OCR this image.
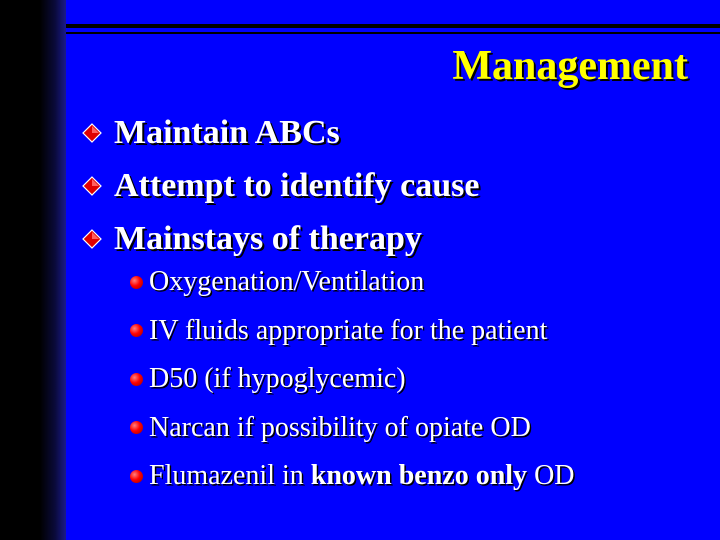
Management
Maintain ABCs
Attempt to identify cause
Mainstays of therapy
Oxygenation/Ventilation
IV fluids appropriate for the patient
D50 (if hypoglycemic)
Narcan if possibility of opiate OD
Flumazenil in known benzo only OD
